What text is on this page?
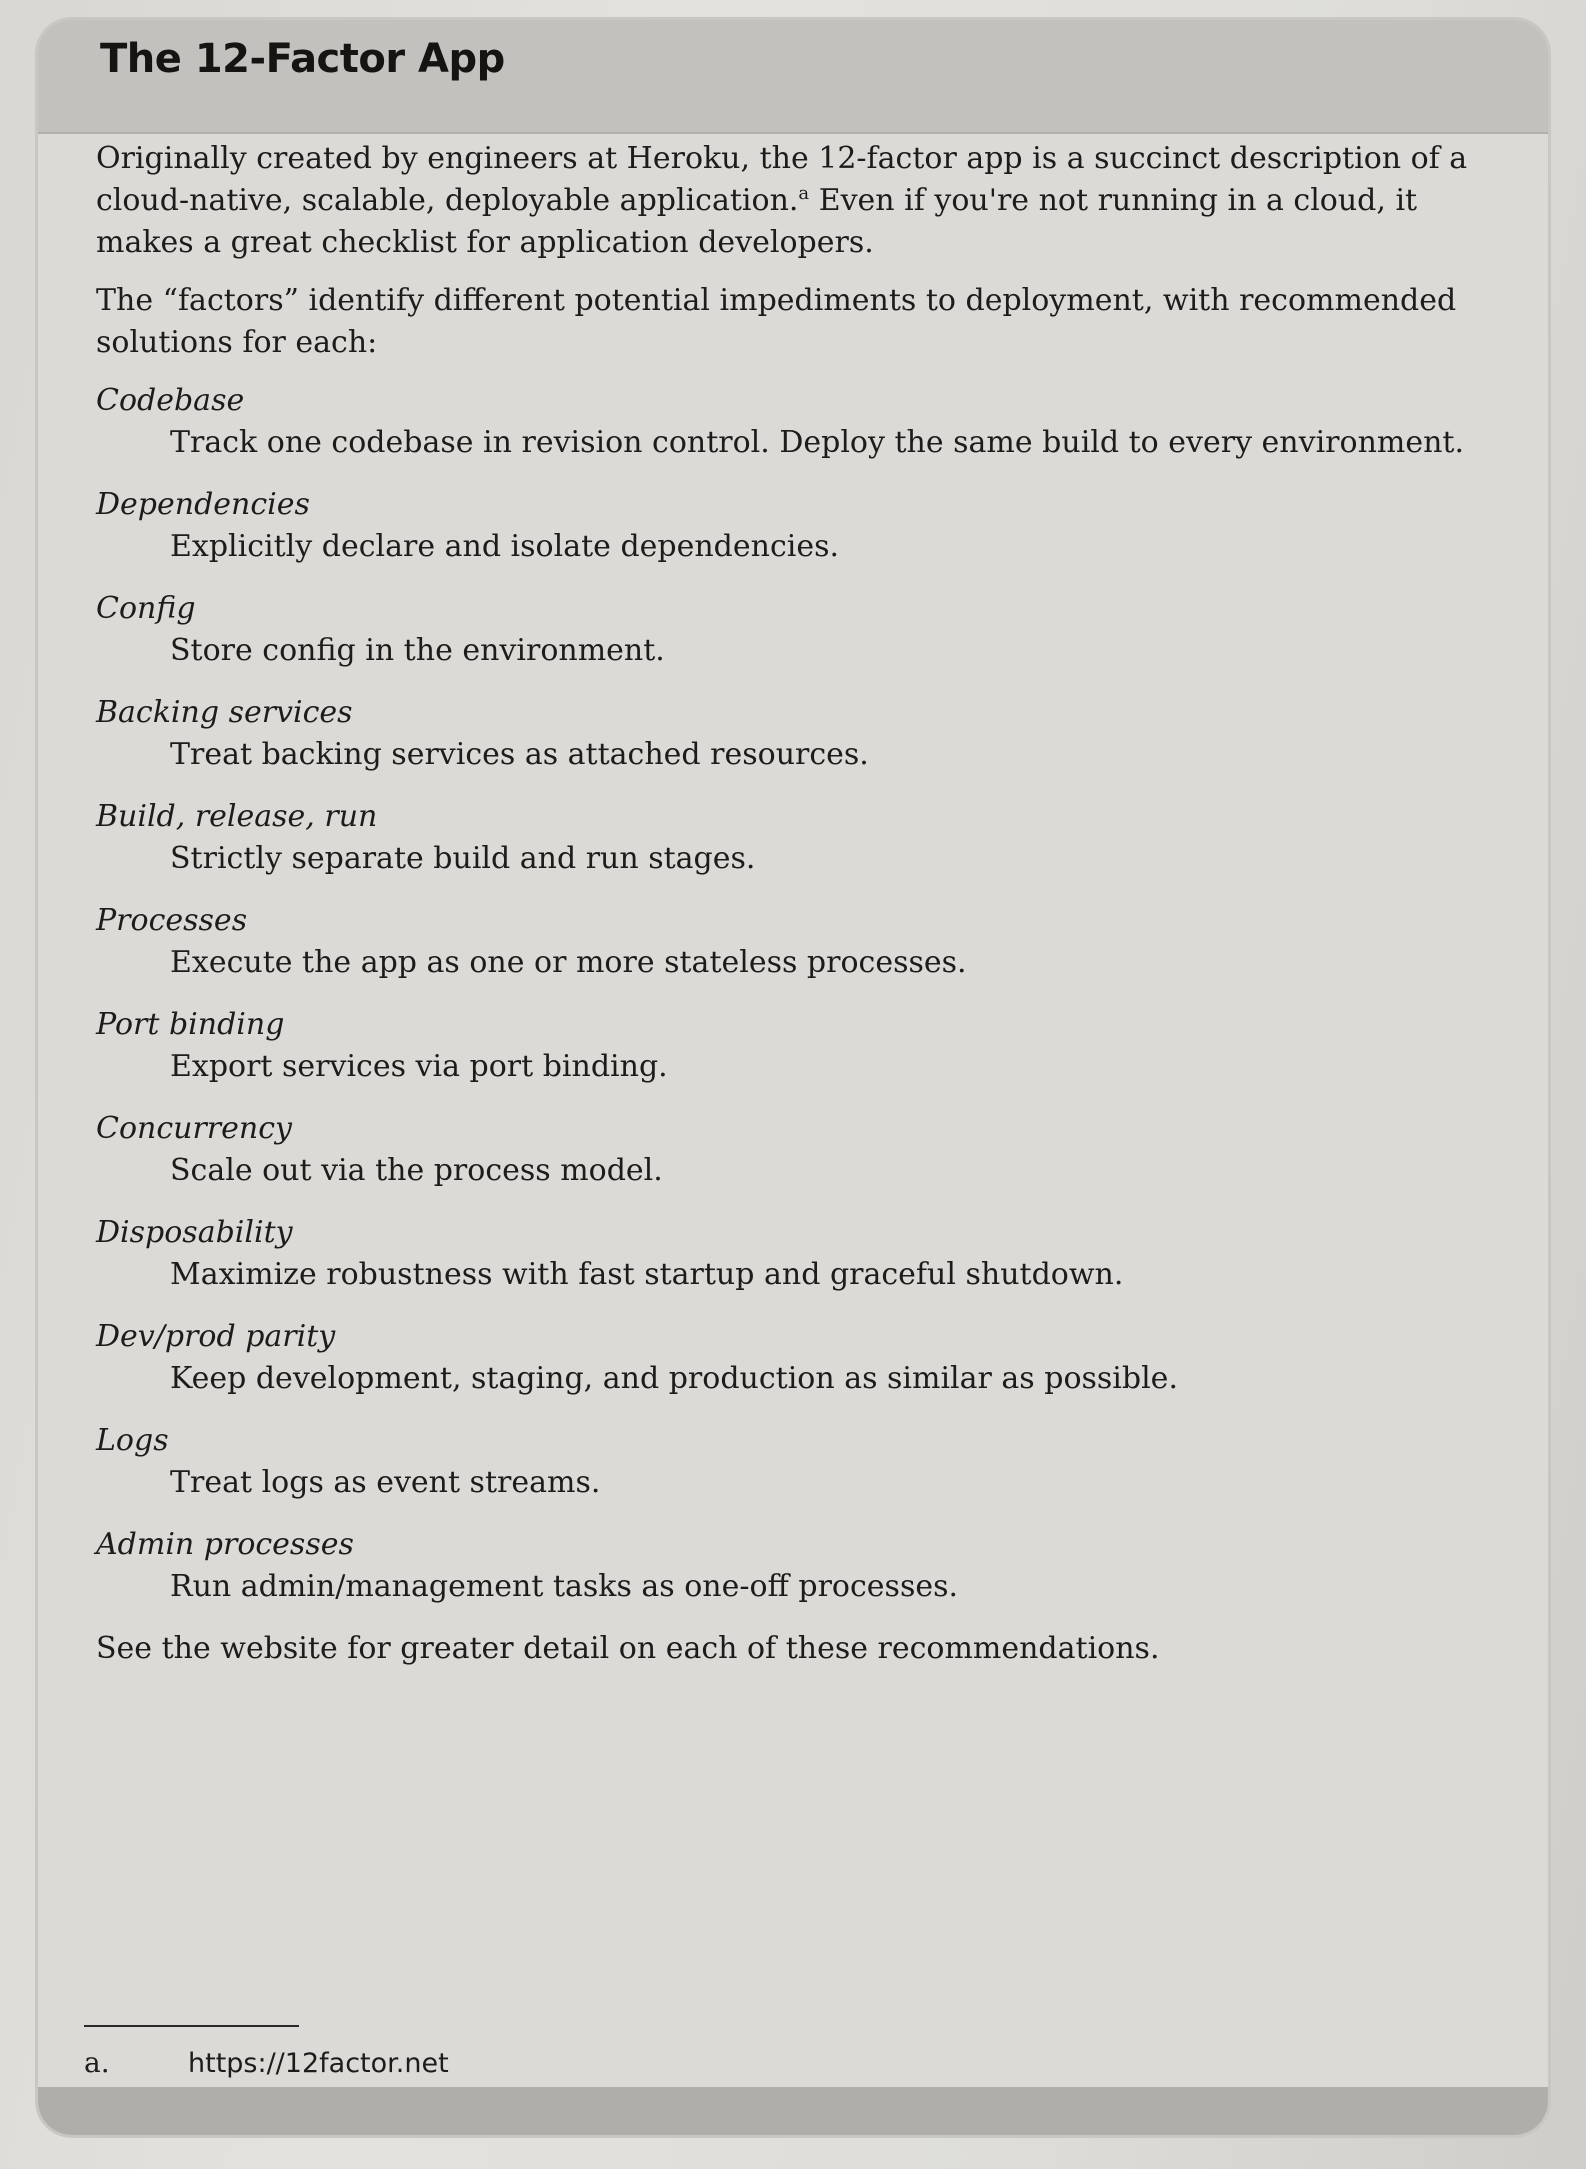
The 12-Factor App

Originally created by engineers at Heroku, the 12-factor app is a succinct description of a cloud-native, scalable, deployable application.$^a$ Even if you're not running in a cloud, it makes a great checklist for application developers.

The “factors” identify different potential impediments to deployment, with recommended solutions for each:

Codebase

Track one codebase in revision control. Deploy the same build to every environment.

Dependencies

Explicitly declare and isolate dependencies.

Config

Store config in the environment.

Backing services

Treat backing services as attached resources.

Build, release, run

Strictly separate build and run stages.

Processes

Execute the app as one or more stateless processes.

Port binding

Export services via port binding.

Concurrency

Scale out via the process model.

Disposability

Maximize robustness with fast startup and graceful shutdown.

Dev/prod parity

Keep development, staging, and production as similar as possible.

Logs

Treat logs as event streams.

Admin processes

Run admin/management tasks as one-off processes.

See the website for greater detail on each of these recommendations.

a.	https://12factor.net
